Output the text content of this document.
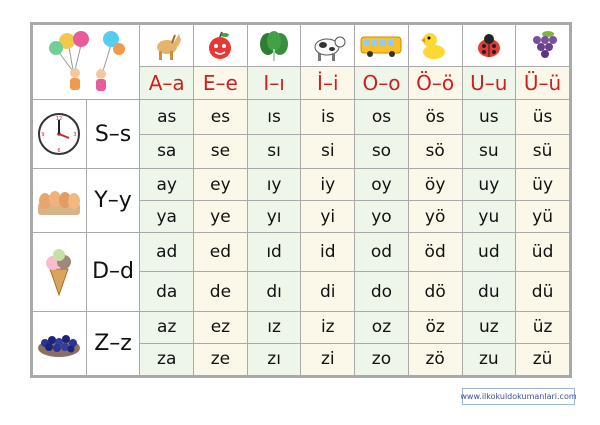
		A–a	E–e	I–ı	İ–i	O–o	Ö–ö	U–u	Ü–ü

12
3
6
9	S–s	as	es	ıs	is	os	ös	us	üs
		sa	se	sı	si	so	sö	su	sü

	Y–y	ay	ey	ıy	iy	oy	öy	uy	üy
		ya	ye	yı	yi	yo	yö	yu	yü

	D–d	ad	ed	ıd	id	od	öd	ud	üd
		da	de	dı	di	do	dö	du	dü

	Z–z	az	ez	ız	iz	oz	öz	uz	üz
		za	ze	zı	zi	zo	zö	zu	zü
www.ilkokuldokumanlari.com
